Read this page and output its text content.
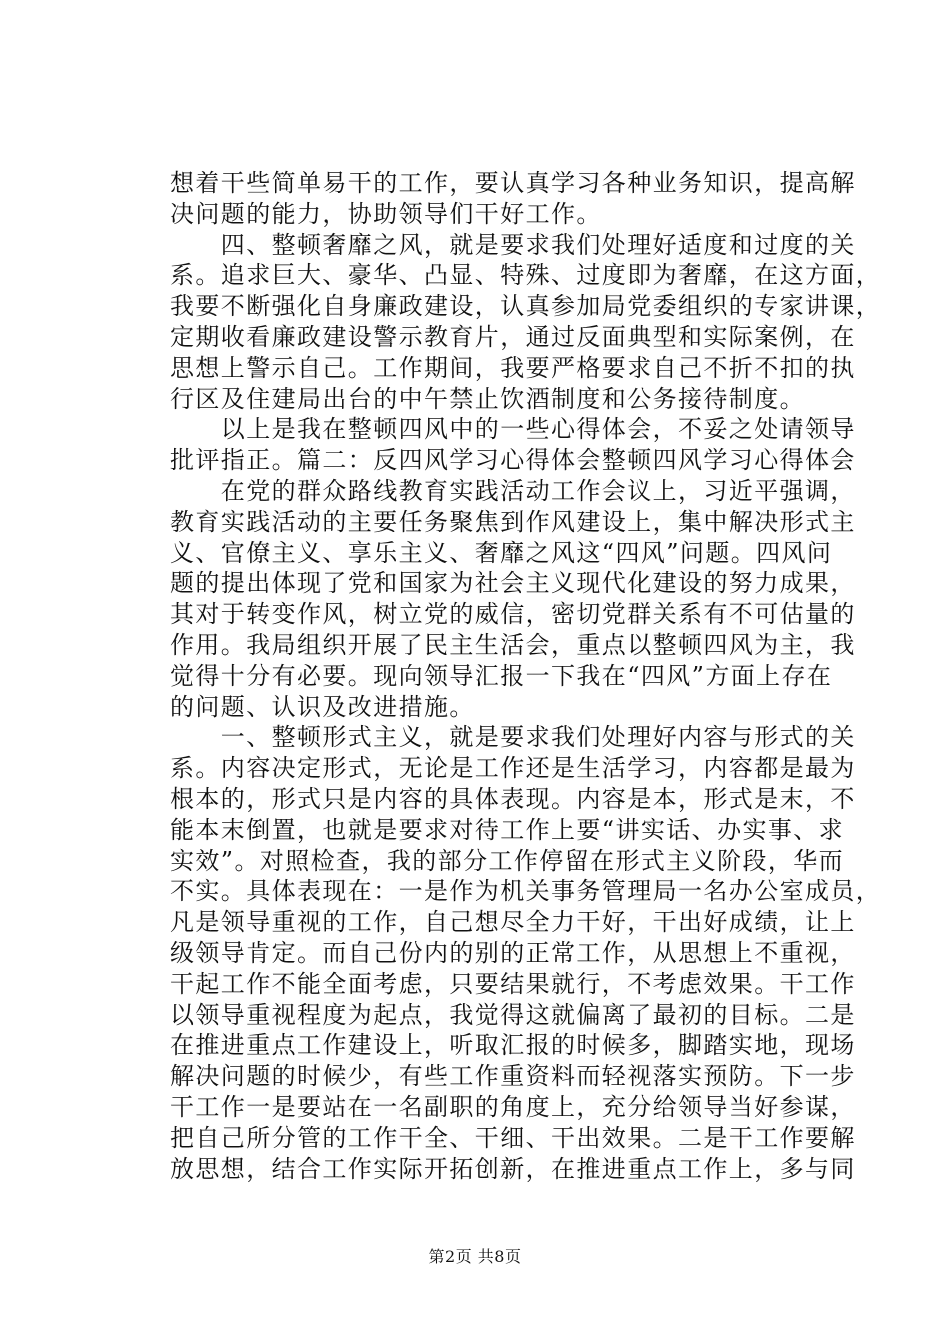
想着干些简单易干的工作，要认真学习各种业务知识，提高解
决问题的能力，协助领导们干好工作。
　　四、整顿奢靡之风，就是要求我们处理好适度和过度的关
系。追求巨大、豪华、凸显、特殊、过度即为奢靡，在这方面，
我要不断强化自身廉政建设，认真参加局党委组织的专家讲课，
定期收看廉政建设警示教育片，通过反面典型和实际案例，在
思想上警示自己。工作期间，我要严格要求自己不折不扣的执
行区及住建局出台的中午禁止饮酒制度和公务接待制度。
　　以上是我在整顿四风中的一些心得体会，不妥之处请领导
批评指正。篇二：反四风学习心得体会整顿四风学习心得体会
　　在党的群众路线教育实践活动工作会议上，习近平强调，
教育实践活动的主要任务聚焦到作风建设上，集中解决形式主
义、官僚主义、享乐主义、奢靡之风这“四风”问题。四风问
题的提出体现了党和国家为社会主义现代化建设的努力成果，
其对于转变作风，树立党的威信，密切党群关系有不可估量的
作用。我局组织开展了民主生活会，重点以整顿四风为主，我
觉得十分有必要。现向领导汇报一下我在“四风”方面上存在
的问题、认识及改进措施。
　　一、整顿形式主义，就是要求我们处理好内容与形式的关
系。内容决定形式，无论是工作还是生活学习，内容都是最为
根本的，形式只是内容的具体表现。内容是本，形式是末，不
能本末倒置，也就是要求对待工作上要“讲实话、办实事、求
实效”。对照检查，我的部分工作停留在形式主义阶段，华而
不实。具体表现在：一是作为机关事务管理局一名办公室成员，
凡是领导重视的工作，自己想尽全力干好，干出好成绩，让上
级领导肯定。而自己份内的别的正常工作，从思想上不重视，
干起工作不能全面考虑，只要结果就行，不考虑效果。干工作
以领导重视程度为起点，我觉得这就偏离了最初的目标。二是
在推进重点工作建设上，听取汇报的时候多，脚踏实地，现场
解决问题的时候少，有些工作重资料而轻视落实预防。下一步
干工作一是要站在一名副职的角度上，充分给领导当好参谋，
把自己所分管的工作干全、干细、干出效果。二是干工作要解
放思想，结合工作实际开拓创新，在推进重点工作上，多与同
第2页 共8页
